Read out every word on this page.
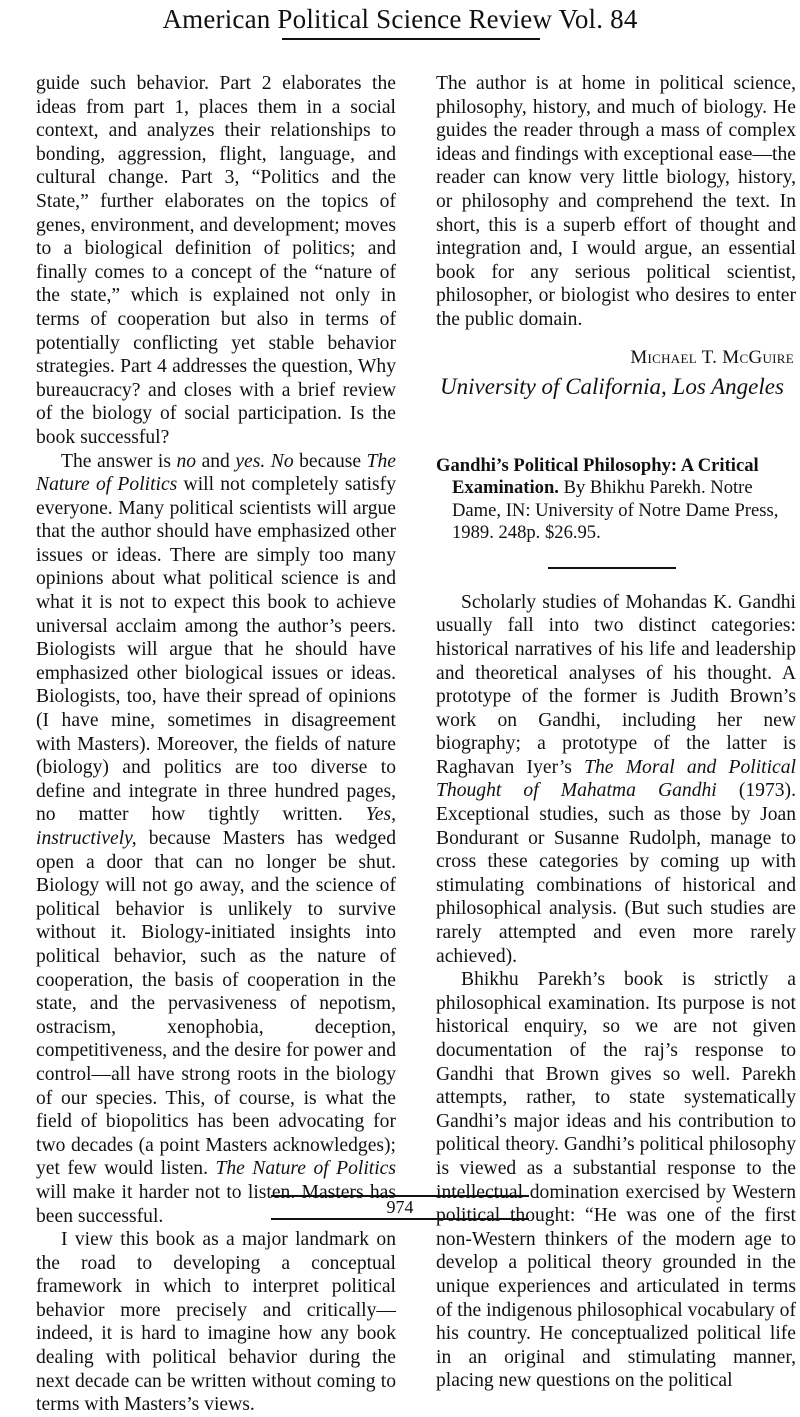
American Political Science Review Vol. 84

guide such behavior. Part 2 elaborates the ideas from part 1, places them in a social context, and analyzes their relationships to bonding, aggression, flight, language, and cultural change. Part 3, “Politics and the State,” further elaborates on the topics of genes, environment, and development; moves to a biological definition of politics; and finally comes to a concept of the “nature of the state,” which is explained not only in terms of cooperation but also in terms of potentially conflicting yet stable behavior strategies. Part 4 addresses the question, Why bureaucracy? and closes with a brief review of the biology of social participation. Is the book successful?

The answer is no and yes. No because The Nature of Politics will not completely satisfy everyone. Many political scientists will argue that the author should have emphasized other issues or ideas. There are simply too many opinions about what political science is and what it is not to expect this book to achieve universal acclaim among the author’s peers. Biologists will argue that he should have emphasized other biological issues or ideas. Biologists, too, have their spread of opinions (I have mine, sometimes in disagreement with Masters). Moreover, the fields of nature (biology) and politics are too diverse to define and integrate in three hundred pages, no matter how tightly written. Yes, instructively, because Masters has wedged open a door that can no longer be shut. Biology will not go away, and the science of political behavior is unlikely to survive without it. Biology-initiated insights into political behavior, such as the nature of cooperation, the basis of cooperation in the state, and the pervasiveness of nepotism, ostracism, xenophobia, deception, competitiveness, and the desire for power and control—all have strong roots in the biology of our species. This, of course, is what the field of biopolitics has been advocating for two decades (a point Masters acknowledges); yet few would listen. The Nature of Politics will make it harder not to listen. Masters has been successful.

I view this book as a major landmark on the road to developing a conceptual framework in which to interpret political behavior more precisely and critically—indeed, it is hard to imagine how any book dealing with political behavior during the next decade can be written without coming to terms with Masters’s views.

The author is at home in political science, philosophy, history, and much of biology. He guides the reader through a mass of complex ideas and findings with exceptional ease—the reader can know very little biology, history, or philosophy and comprehend the text. In short, this is a superb effort of thought and integration and, I would argue, an essential book for any serious political scientist, philosopher, or biologist who desires to enter the public domain.

Michael T. McGuire
University of California, Los Angeles
Gandhi’s Political Philosophy: A Critical Examination. By Bhikhu Parekh. Notre Dame, IN: University of Notre Dame Press, 1989. 248p. $26.95.

Scholarly studies of Mohandas K. Gandhi usually fall into two distinct categories: historical narratives of his life and leadership and theoretical analyses of his thought. A prototype of the former is Judith Brown’s work on Gandhi, including her new biography; a prototype of the latter is Raghavan Iyer’s The Moral and Political Thought of Mahatma Gandhi (1973). Exceptional studies, such as those by Joan Bondurant or Susanne Rudolph, manage to cross these categories by coming up with stimulating combinations of historical and philosophical analysis. (But such studies are rarely attempted and even more rarely achieved).

Bhikhu Parekh’s book is strictly a philosophical examination. Its purpose is not historical enquiry, so we are not given documentation of the raj’s response to Gandhi that Brown gives so well. Parekh attempts, rather, to state systematically Gandhi’s major ideas and his contribution to political theory. Gandhi’s political philosophy is viewed as a substantial response to the intellectual domination exercised by Western political thought: “He was one of the first non-Western thinkers of the modern age to develop a political theory grounded in the unique experiences and articulated in terms of the indigenous philosophical vocabulary of his country. He conceptualized political life in an original and stimulating manner, placing new questions on the political

974
